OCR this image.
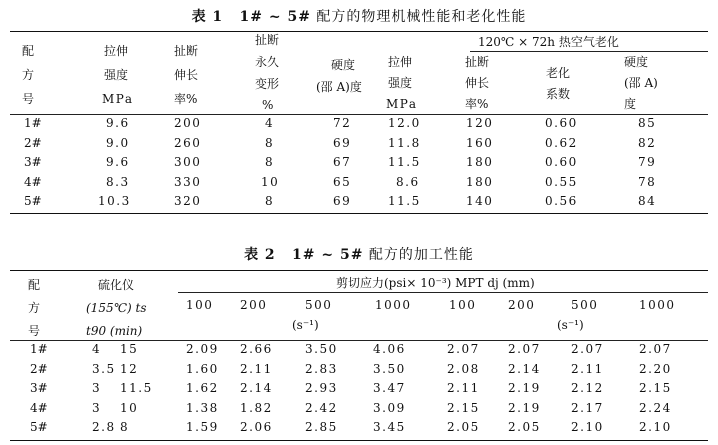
表 1 1# ~ 5# 配方的物理机械性能和老化性能
配
方
号
拉伸
强度
MPa
扯断
伸长
率%
扯断
永久
变形
%
硬度
(邵 A)度
120℃ × 72h 热空气老化
拉伸
强度
MPa
扯断
伸长
率%
老化
系数
硬度
(邵 A)
度
1#	9.6	200	4	72	12.0	120	0.60	85
2#	9.0	260	8	69	11.8	160	0.62	82
3#	9.6	300	8	67	11.5	180	0.60	79
4#	8.3	330	10	65	8.6	180	0.55	78
5#	10.3	320	8	69	11.5	140	0.56	84
表 2 1# ~ 5# 配方的加工性能
配
方
号
硫化仪
(155℃) ts
t90 (min)
剪切应力(psi× 10⁻³) MPT dj (mm)
100 200	500	1000	100	200	500	1000
(s⁻¹)	(s⁻¹)
1#	4 15	2.09 2.66	3.50	4.06	2.07 2.07	2.07	2.07
2#	3.5 12	1.60 2.11	2.83	3.50	2.08 2.14	2.11	2.20
3#	3 11.5	1.62 2.14	2.93	3.47	2.11 2.19	2.12	2.15
4#	3 10	1.38 1.82	2.42	3.09	2.15 2.19	2.17	2.24
5#	2.8 8	1.59 2.06	2.85	3.45	2.05 2.05	2.10	2.10
